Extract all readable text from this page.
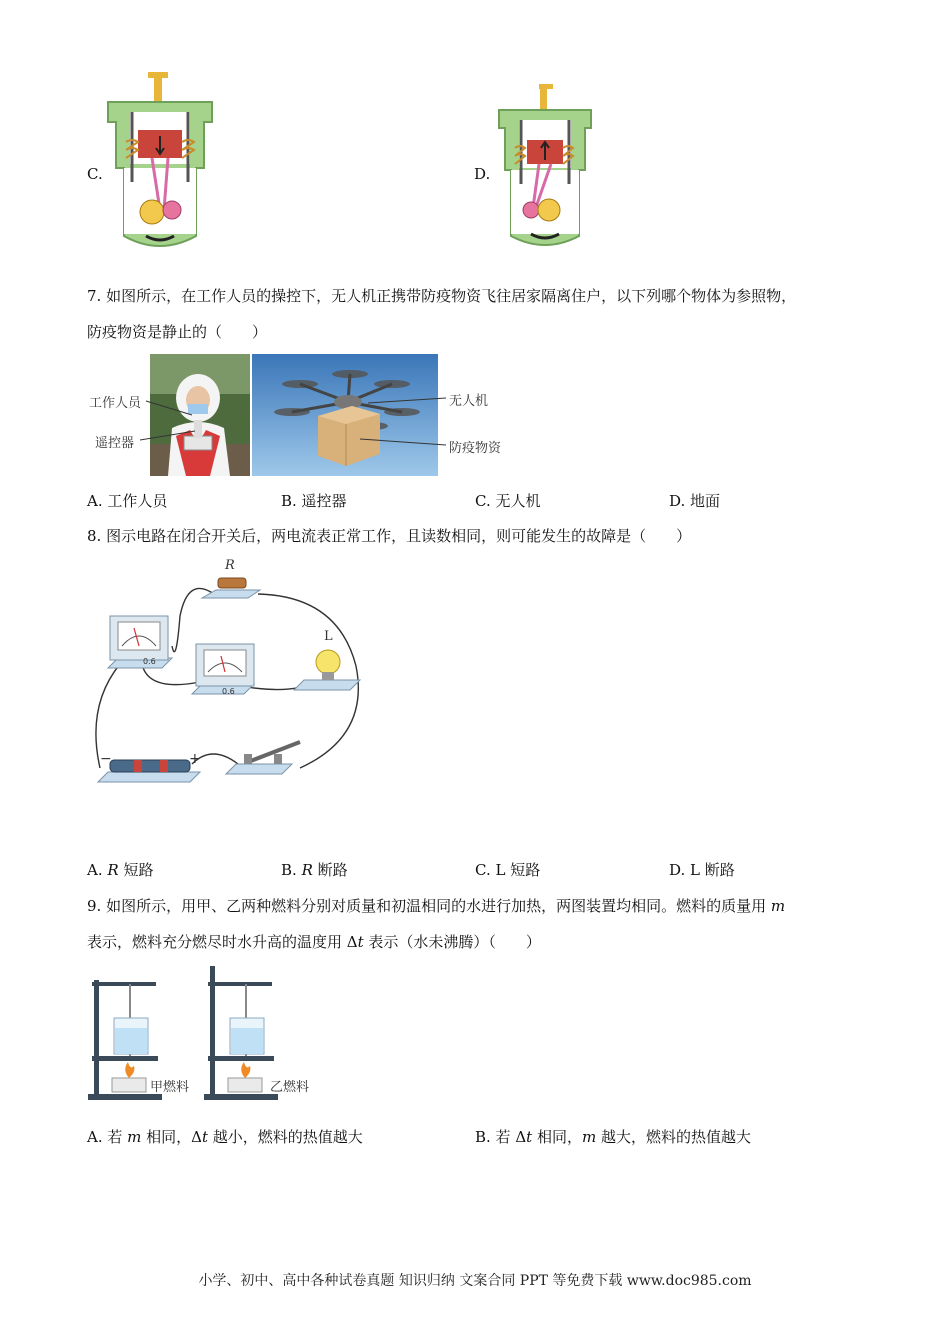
C.	D.
7. 如图所示，在工作人员的操控下，无人机正携带防疫物资飞往居家隔离住户，以下列哪个物体为参照物，
防疫物资是静止的（　　）
工作人员
遥控器
无人机
防疫物资
A. 工作人员	B. 遥控器	C. 无人机	D. 地面
8. 图示电路在闭合开关后，两电流表正常工作，且读数相同，则可能发生的故障是（　　）
R
L
−	+
0.6
0.6
A. R 短路	B. R 断路	C. L 短路	D. L 断路
9. 如图所示，用甲、乙两种燃料分别对质量和初温相同的水进行加热，两图装置均相同。燃料的质量用 m
表示，燃料充分燃尽时水升高的温度用 Δt 表示（水未沸腾）（　　）
甲燃料	乙燃料
A. 若 m 相同，Δt 越小，燃料的热值越大	B. 若 Δt 相同，m 越大，燃料的热值越大
小学、初中、高中各种试卷真题 知识归纳 文案合同 PPT 等免费下载 www.doc985.com
